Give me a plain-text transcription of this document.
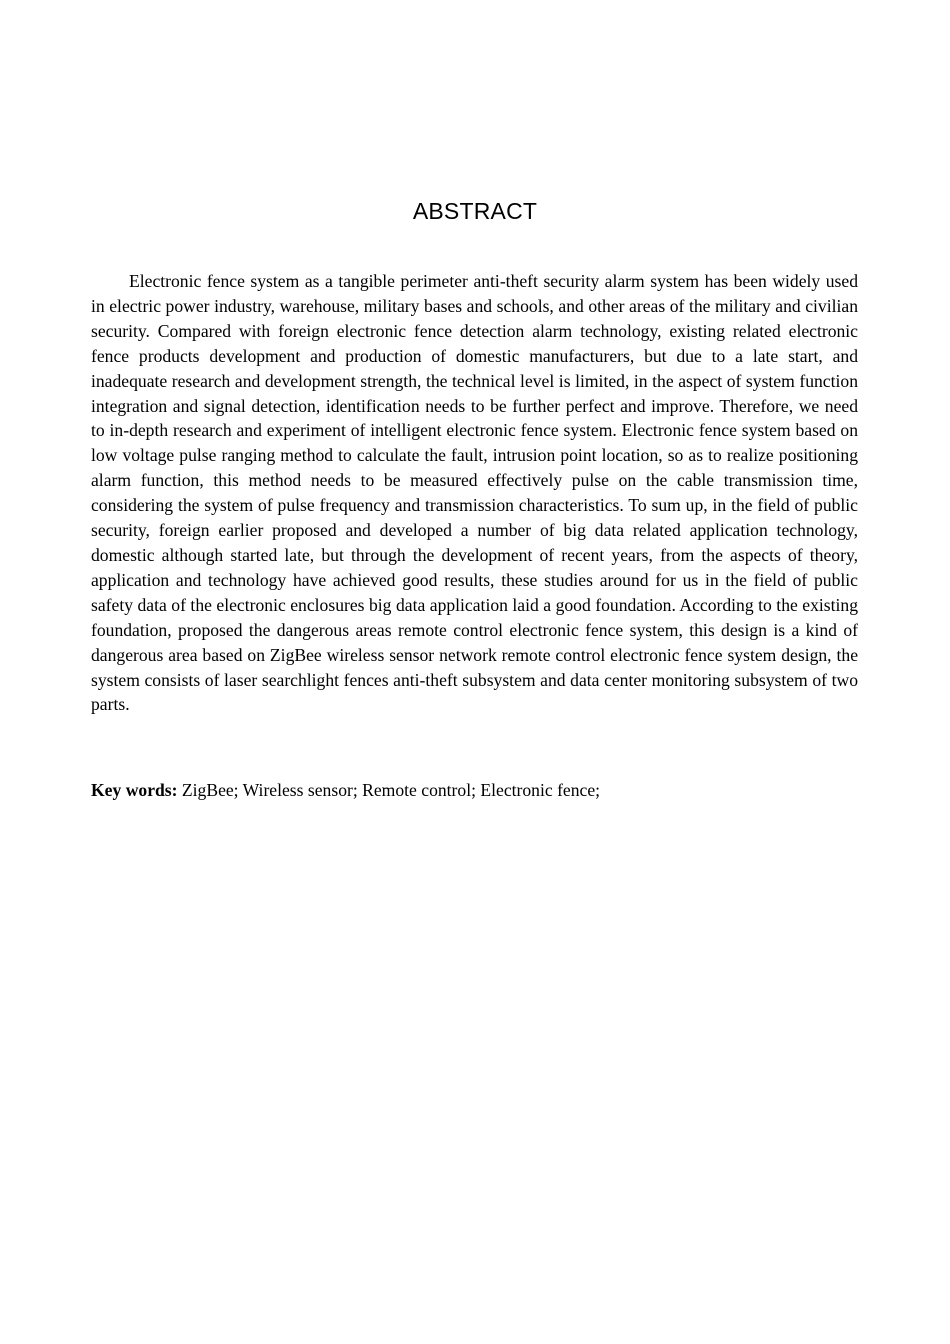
ABSTRACT

Electronic fence system as a tangible perimeter anti-theft security alarm system has been widely used in electric power industry, warehouse, military bases and schools, and other areas of the military and civilian security. Compared with foreign electronic fence detection alarm technology, existing related electronic fence products development and production of domestic manufacturers, but due to a late start, and inadequate research and development strength, the technical level is limited, in the aspect of system function integration and signal detection, identification needs to be further perfect and improve. Therefore, we need to in-depth research and experiment of intelligent electronic fence system. Electronic fence system based on low voltage pulse ranging method to calculate the fault, intrusion point location, so as to realize positioning alarm function, this method needs to be measured effectively pulse on the cable transmission time, considering the system of pulse frequency and transmission characteristics. To sum up, in the field of public security, foreign earlier proposed and developed a number of big data related application technology, domestic although started late, but through the development of recent years, from the aspects of theory, application and technology have achieved good results, these studies around for us in the field of public safety data of the electronic enclosures big data application laid a good foundation. According to the existing foundation, proposed the dangerous areas remote control electronic fence system, this design is a kind of dangerous area based on ZigBee wireless sensor network remote control electronic fence system design, the system consists of laser searchlight fences anti-theft subsystem and data center monitoring subsystem of two parts.

Key words: ZigBee; Wireless sensor; Remote control; Electronic fence;
